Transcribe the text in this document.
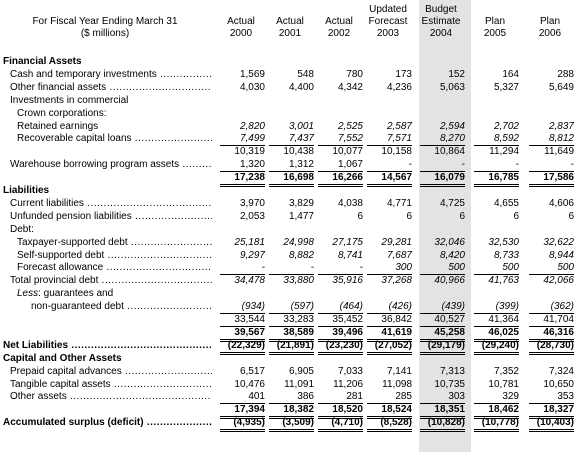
For Fiscal Year Ending March 31
($ millions)

Actual
2000

Actual
2001

Actual
2002
Updated
Forecast
2003
Budget
Estimate
2004

Plan
2005

Plan
2006
Financial Assets
Cash and temporary investments .....	1,569	548	780	173	152	164	288
Other financial assets .....	4,030	4,400	4,342	4,236	5,063	5,327	5,649
Investments in commercial
Crown corporations:
Retained earnings	2,820	3,001	2,525	2,587	2,594	2,702	2,837
Recoverable capital loans .....	7,499	7,437	7,552	7,571	8,270	8,592	8,812
10,319	10,438	10,077	10,158	10,864	11,294	11,649
Warehouse borrowing program assets .....	1,320	1,312	1,067	-	-	-	-
17,238	16,698	16,266	14,567	16,079	16,785	17,586
Liabilities
Current liabilities .....	3,970	3,829	4,038	4,771	4,725	4,655	4,606
Unfunded pension liabilities .....	2,053	1,477	6	6	6	6	6
Debt:
Taxpayer-supported debt .....	25,181	24,998	27,175	29,281	32,046	32,530	32,622
Self-supported debt .....	9,297	8,882	8,741	7,687	8,420	8,733	8,944
Forecast allowance .....	-	-	-	300	500	500	500
Total provincial debt .....	34,478	33,880	35,916	37,268	40,966	41,763	42,066
Less: guarantees and
non-guaranteed debt .....	(934)	(597)	(464)	(426)	(439)	(399)	(362)
33,544	33,283	35,452	36,842	40,527	41,364	41,704
39,567	38,589	39,496	41,619	45,258	46,025	46,316
Net Liabilities .....	(22,329)	(21,891)	(23,230)	(27,052)	(29,179)	(29,240)	(28,730)
Capital and Other Assets
Prepaid capital advances .....	6,517	6,905	7,033	7,141	7,313	7,352	7,324
Tangible capital assets .....	10,476	11,091	11,206	11,098	10,735	10,781	10,650
Other assets .....	401	386	281	285	303	329	353
17,394	18,382	18,520	18,524	18,351	18,462	18,327
Accumulated surplus (deficit) .....	(4,935)	(3,509)	(4,710)	(8,528)	(10,828)	(10,778)	(10,403)
